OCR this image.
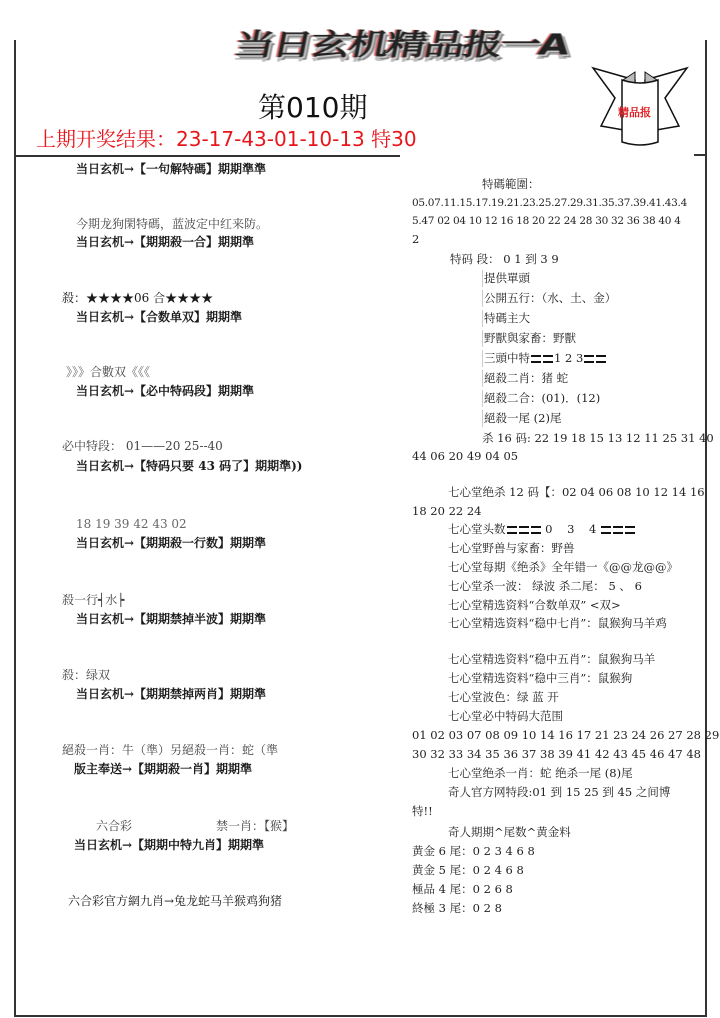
当日玄机精品报一A
第010期
上期开奖结果：23-17-43-01-10-13 特30
精品报
当日玄机→【一句解特碼】期期準準
今期龙狗閑特碼，蓝波定中红来防。
当日玄机→【期期殺一合】期期準
殺：★★★★06 合★★★★
当日玄机→【合数单双】期期準
》》》合數双《《《
当日玄机→【必中特码段】期期準
必中特段： 01——20 25--40
当日玄机→【特码只要 43 码了】期期準))
18 19 39 42 43 02
当日玄机→【期期殺一行数】期期準
殺一行┥水┝
当日玄机→【期期禁掉半波】期期準
殺：绿双
当日玄机→【期期禁掉两肖】期期準
絕殺一肖：牛（準）另絕殺一肖：蛇（準
版主奉送→【期期殺一肖】期期準
六合彩	禁一肖：【猴】
当日玄机→【期期中特九肖】期期準
六合彩官方網九肖→兔龙蛇马羊猴鸡狗猪
特碼範圍：
05.07.11.15.17.19.21.23.25.27.29.31.35.37.39.41.43.4
5.47 02 04 10 12 16 18 20 22 24 28 30 32 36 38 40 4
2
特码 段： 0 1 到 3 9
提供單頭
公開五行：（水、土、金）
特碼主大
野獸與家畜：野獸
三頭中特 1 2 3
絕殺二肖：猪 蛇
絕殺二合：(01)．(12)
絕殺一尾 (2)尾
杀 16 码: 22 19 18 15 13 12 11 25 31 40
44 06 20 49 04 05
七心堂绝杀 12 码【：02 04 06 08 10 12 14 16
18 20 22 24
七心堂头数	0    3    4
七心堂野兽与家畜：野兽
七心堂每期《绝杀》全年错一《@@龙@@》
七心堂杀一波： 绿波 杀二尾： 5 、 6
七心堂精选资料“合数单双” <双>
七心堂精选资料“稳中七肖”：鼠猴狗马羊鸡
七心堂精选资料“稳中五肖”：鼠猴狗马羊
七心堂精选资料“稳中三肖”：鼠猴狗
七心堂波色：绿 蓝 开
七心堂必中特码大范围
01 02 03 07 08 09 10 14 16 17 21 23 24 26 27 28 29
30 32 33 34 35 36 37 38 39 41 42 43 45 46 47 48
七心堂绝杀一肖：蛇 绝杀一尾 (8)尾
奇人官方网特段:01 到 15 25 到 45 之间博
特!!
奇人期期^尾数^黄金料
黄金 6 尾：0 2 3 4 6 8
黄金 5 尾：0 2 4 6 8
極品 4 尾：0 2 6 8
終極 3 尾：0 2 8
